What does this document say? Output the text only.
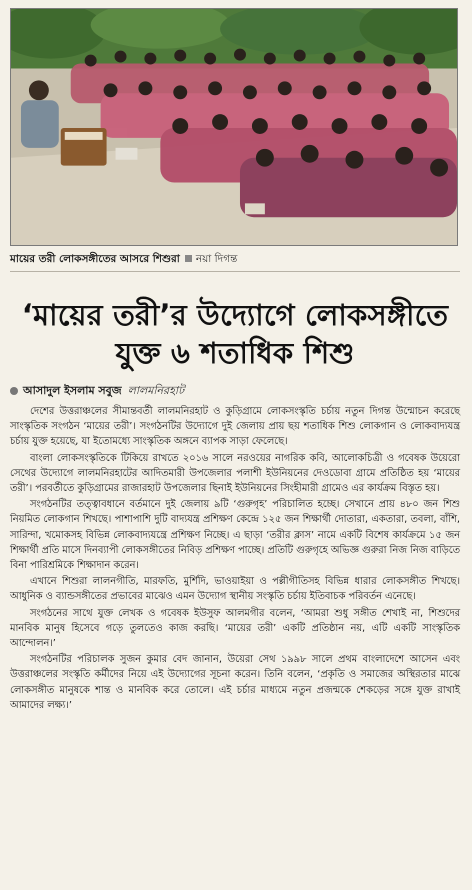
মায়ের তরী লোকসঙ্গীতের আসরে শিশুরা নয়া দিগন্ত
‘মায়ের তরী’র উদ্যোগে লোকসঙ্গীতে
যুক্ত ৬ শতাধিক শিশু
আসাদুল ইসলাম সবুজ লালমনিরহাট

দেশের উত্তরাঞ্চলের সীমান্তবর্তী লালমনিরহাট ও কুড়িগ্রামে লোকসংস্কৃতি চর্চায় নতুন দিগন্ত উন্মোচন করেছে সাংস্কৃতিক সংগঠন ‘মায়ের তরী’। সংগঠনটির উদ্যোগে দুই জেলায় প্রায় ছয় শতাধিক শিশু লোকগান ও লোকবাদ্যযন্ত্র চর্চায় যুক্ত হয়েছে, যা ইতোমধ্যে সাংস্কৃতিক অঙ্গনে ব্যাপক সাড়া ফেলেছে।

বাংলা লোকসংস্কৃতিকে টিকিয়ে রাখতে ২০১৬ সালে নরওয়ের নাগরিক কবি, আলোকচিত্রী ও গবেষক উয়েরো সেথের উদ্যোগে লালমনিরহাটের আদিতমারী উপজেলার পলাশী ইউনিয়নের দেওডোবা গ্রামে প্রতিষ্ঠিত হয় ‘মায়ের তরী’। পরবর্তীতে কুড়িগ্রামের রাজারহাট উপজেলার ছিনাই ইউনিয়নের সিংহীমারী গ্রামেও এর কার্যক্রম বিস্তৃত হয়।

সংগঠনটির তত্ত্বাবধানে বর্তমানে দুই জেলায় ৯টি ‘গুরুগৃহ’ পরিচালিত হচ্ছে। সেখানে প্রায় ৪৮০ জন শিশু নিয়মিত লোকগান শিখছে। পাশাপাশি দুটি বাদ্যযন্ত্র প্রশিক্ষণ কেন্দ্রে ১২৫ জন শিক্ষার্থী দোতারা, একতারা, তবলা, বাঁশি, সারিন্দা, খমোকসহ বিভিন্ন লোকবাদ্যযন্ত্রে প্রশিক্ষণ নিচ্ছে। এ ছাড়া ‘তরীর ক্লাস’ নামে একটি বিশেষ কার্যক্রমে ১৫ জন শিক্ষার্থী প্রতি মাসে দিনব্যাপী লোকসঙ্গীতের নিবিড় প্রশিক্ষণ পাচ্ছে। প্রতিটি গুরুগৃহে অভিজ্ঞ গুরুরা নিজ নিজ বাড়িতে বিনা পারিশ্রমিকে শিক্ষাদান করেন।

এখানে শিশুরা লালনগীতি, মারফতি, মুর্শিদি, ভাওয়াইয়া ও পল্লীগীতিসহ বিভিন্ন ধারার লোকসঙ্গীত শিখছে। আধুনিক ও ব্যান্ডসঙ্গীতের প্রভাবের মাঝেও এমন উদ্যোগ স্থানীয় সংস্কৃতি চর্চায় ইতিবাচক পরিবর্তন এনেছে।

সংগঠনের সাথে যুক্ত লেখক ও গবেষক ইউসুফ আলমগীর বলেন, ‘আমরা শুধু সঙ্গীত শেখাই না, শিশুদের মানবিক মানুষ হিসেবে গড়ে তুলতেও কাজ করছি। ‘মায়ের তরী’ একটি প্রতিষ্ঠান নয়, এটি একটি সাংস্কৃতিক আন্দোলন।’

সংগঠনটির পরিচালক সুজন কুমার বেদ জানান, উয়েরা সেথ ১৯৯৮ সালে প্রথম বাংলাদেশে আসেন এবং উত্তরাঞ্চলের সংস্কৃতি কর্মীদের নিয়ে এই উদ্যোগের সূচনা করেন। তিনি বলেন, ‘প্রকৃতি ও সমাজের অস্থিরতার মাঝে লোকসঙ্গীত মানুষকে শান্ত ও মানবিক করে তোলে। এই চর্চার মাধ্যমে নতুন প্রজন্মকে শেকড়ের সঙ্গে যুক্ত রাখাই আমাদের লক্ষ্য।’
